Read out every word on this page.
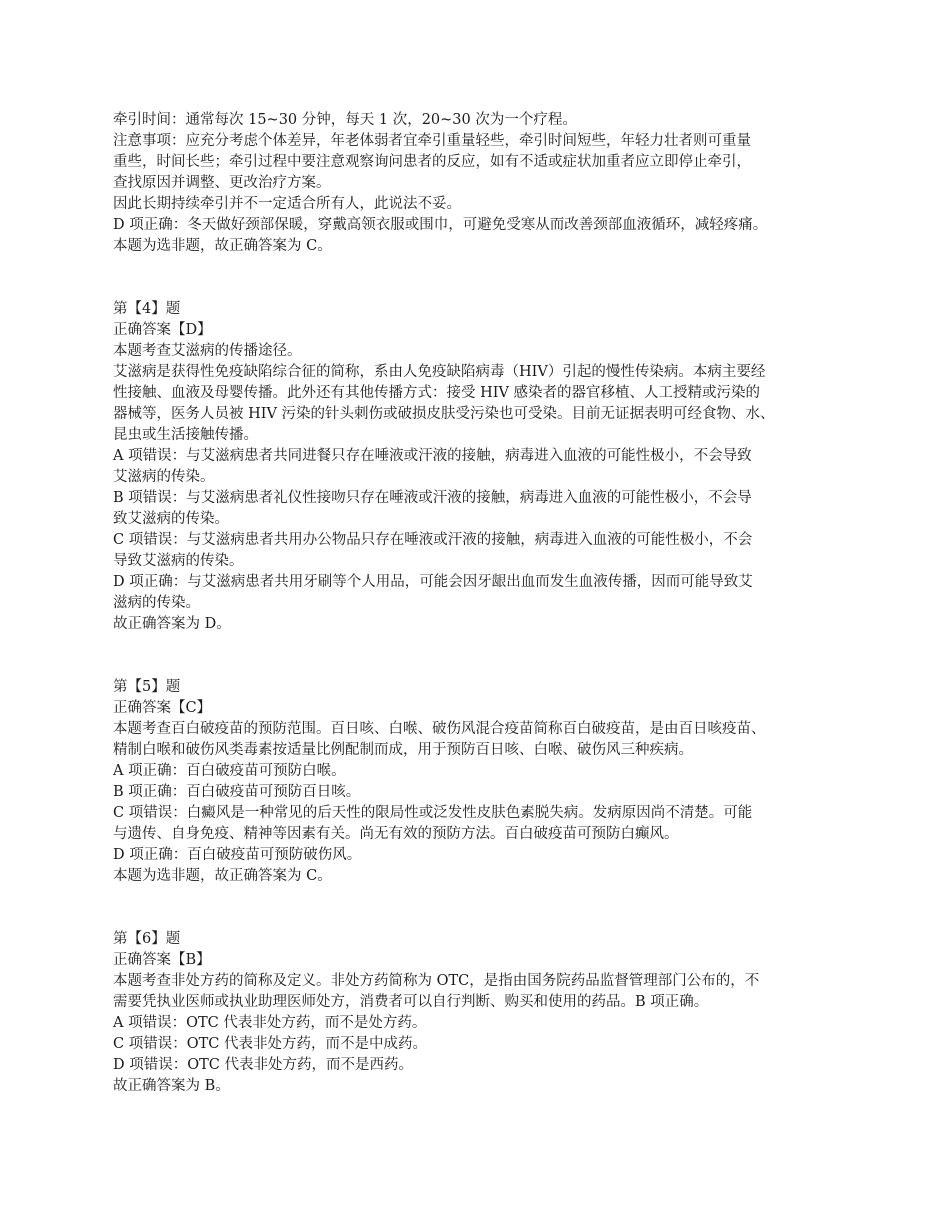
牵引时间：通常每次 15~30 分钟，每天 1 次，20~30 次为一个疗程。
注意事项：应充分考虑个体差异，年老体弱者宜牵引重量轻些，牵引时间短些，年轻力壮者则可重量
重些，时间长些；牵引过程中要注意观察询问患者的反应，如有不适或症状加重者应立即停止牵引，
查找原因并调整、更改治疗方案。
因此长期持续牵引并不一定适合所有人，此说法不妥。
D 项正确：冬天做好颈部保暖，穿戴高领衣服或围巾，可避免受寒从而改善颈部血液循环，减轻疼痛。
本题为选非题，故正确答案为 C。
第【4】题
正确答案【D】
本题考查艾滋病的传播途径。
艾滋病是获得性免疫缺陷综合征的简称，系由人免疫缺陷病毒（HIV）引起的慢性传染病。本病主要经
性接触、血液及母婴传播。此外还有其他传播方式：接受 HIV 感染者的器官移植、人工授精或污染的
器械等，医务人员被 HIV 污染的针头刺伤或破损皮肤受污染也可受染。目前无证据表明可经食物、水、
昆虫或生活接触传播。
A 项错误：与艾滋病患者共同进餐只存在唾液或汗液的接触，病毒进入血液的可能性极小，不会导致
艾滋病的传染。
B 项错误：与艾滋病患者礼仪性接吻只存在唾液或汗液的接触，病毒进入血液的可能性极小，不会导
致艾滋病的传染。
C 项错误：与艾滋病患者共用办公物品只存在唾液或汗液的接触，病毒进入血液的可能性极小，不会
导致艾滋病的传染。
D 项正确：与艾滋病患者共用牙刷等个人用品，可能会因牙龈出血而发生血液传播，因而可能导致艾
滋病的传染。
故正确答案为 D。
第【5】题
正确答案【C】
本题考查百白破疫苗的预防范围。百日咳、白喉、破伤风混合疫苗简称百白破疫苗，是由百日咳疫苗、
精制白喉和破伤风类毒素按适量比例配制而成，用于预防百日咳、白喉、破伤风三种疾病。
A 项正确：百白破疫苗可预防白喉。
B 项正确：百白破疫苗可预防百日咳。
C 项错误：白癜风是一种常见的后天性的限局性或泛发性皮肤色素脱失病。发病原因尚不清楚。可能
与遗传、自身免疫、精神等因素有关。尚无有效的预防方法。百白破疫苗可预防白癫风。
D 项正确：百白破疫苗可预防破伤风。
本题为选非题，故正确答案为 C。
第【6】题
正确答案【B】
本题考查非处方药的简称及定义。非处方药简称为 OTC，是指由国务院药品监督管理部门公布的，不
需要凭执业医师或执业助理医师处方，消费者可以自行判断、购买和使用的药品。B 项正确。
A 项错误：OTC 代表非处方药，而不是处方药。
C 项错误：OTC 代表非处方药，而不是中成药。
D 项错误：OTC 代表非处方药，而不是西药。
故正确答案为 B。
